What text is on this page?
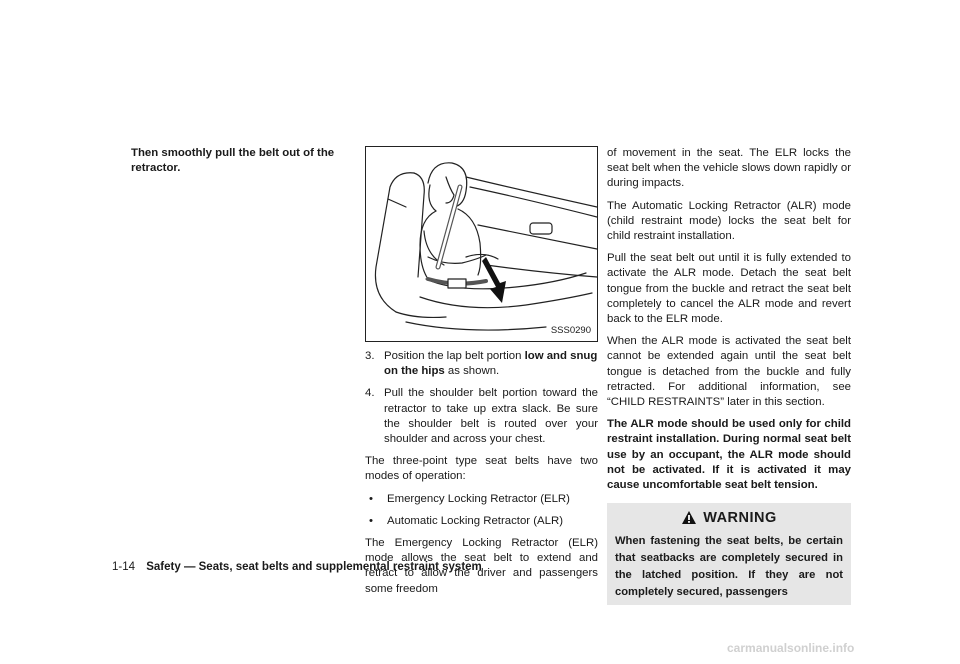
Then smoothly pull the belt out of the retractor.

SSS0290

3. Position the lap belt portion low and snug on the hips as shown.

4. Pull the shoulder belt portion toward the retractor to take up extra slack. Be sure the shoulder belt is routed over your shoulder and across your chest.

The three-point type seat belts have two modes of operation:

• Emergency Locking Retractor (ELR)

• Automatic Locking Retractor (ALR)

The Emergency Locking Retractor (ELR) mode allows the seat belt to extend and retract to allow the driver and passengers some freedom

of movement in the seat. The ELR locks the seat belt when the vehicle slows down rapidly or during impacts.

The Automatic Locking Retractor (ALR) mode (child restraint mode) locks the seat belt for child restraint installation.

Pull the seat belt out until it is fully extended to activate the ALR mode. Detach the seat belt tongue from the buckle and retract the seat belt completely to cancel the ALR mode and revert back to the ELR mode.

When the ALR mode is activated the seat belt cannot be extended again until the seat belt tongue is detached from the buckle and fully retracted. For additional information, see “CHILD RESTRAINTS” later in this section.

The ALR mode should be used only for child restraint installation. During normal seat belt use by an occupant, the ALR mode should not be activated. If it is activated it may cause uncomfortable seat belt tension.

WARNING
When fastening the seat belts, be certain that seatbacks are completely secured in the latched position. If they are not completely secured, passengers
1-14 Safety — Seats, seat belts and supplemental restraint system
carmanualsonline.info
